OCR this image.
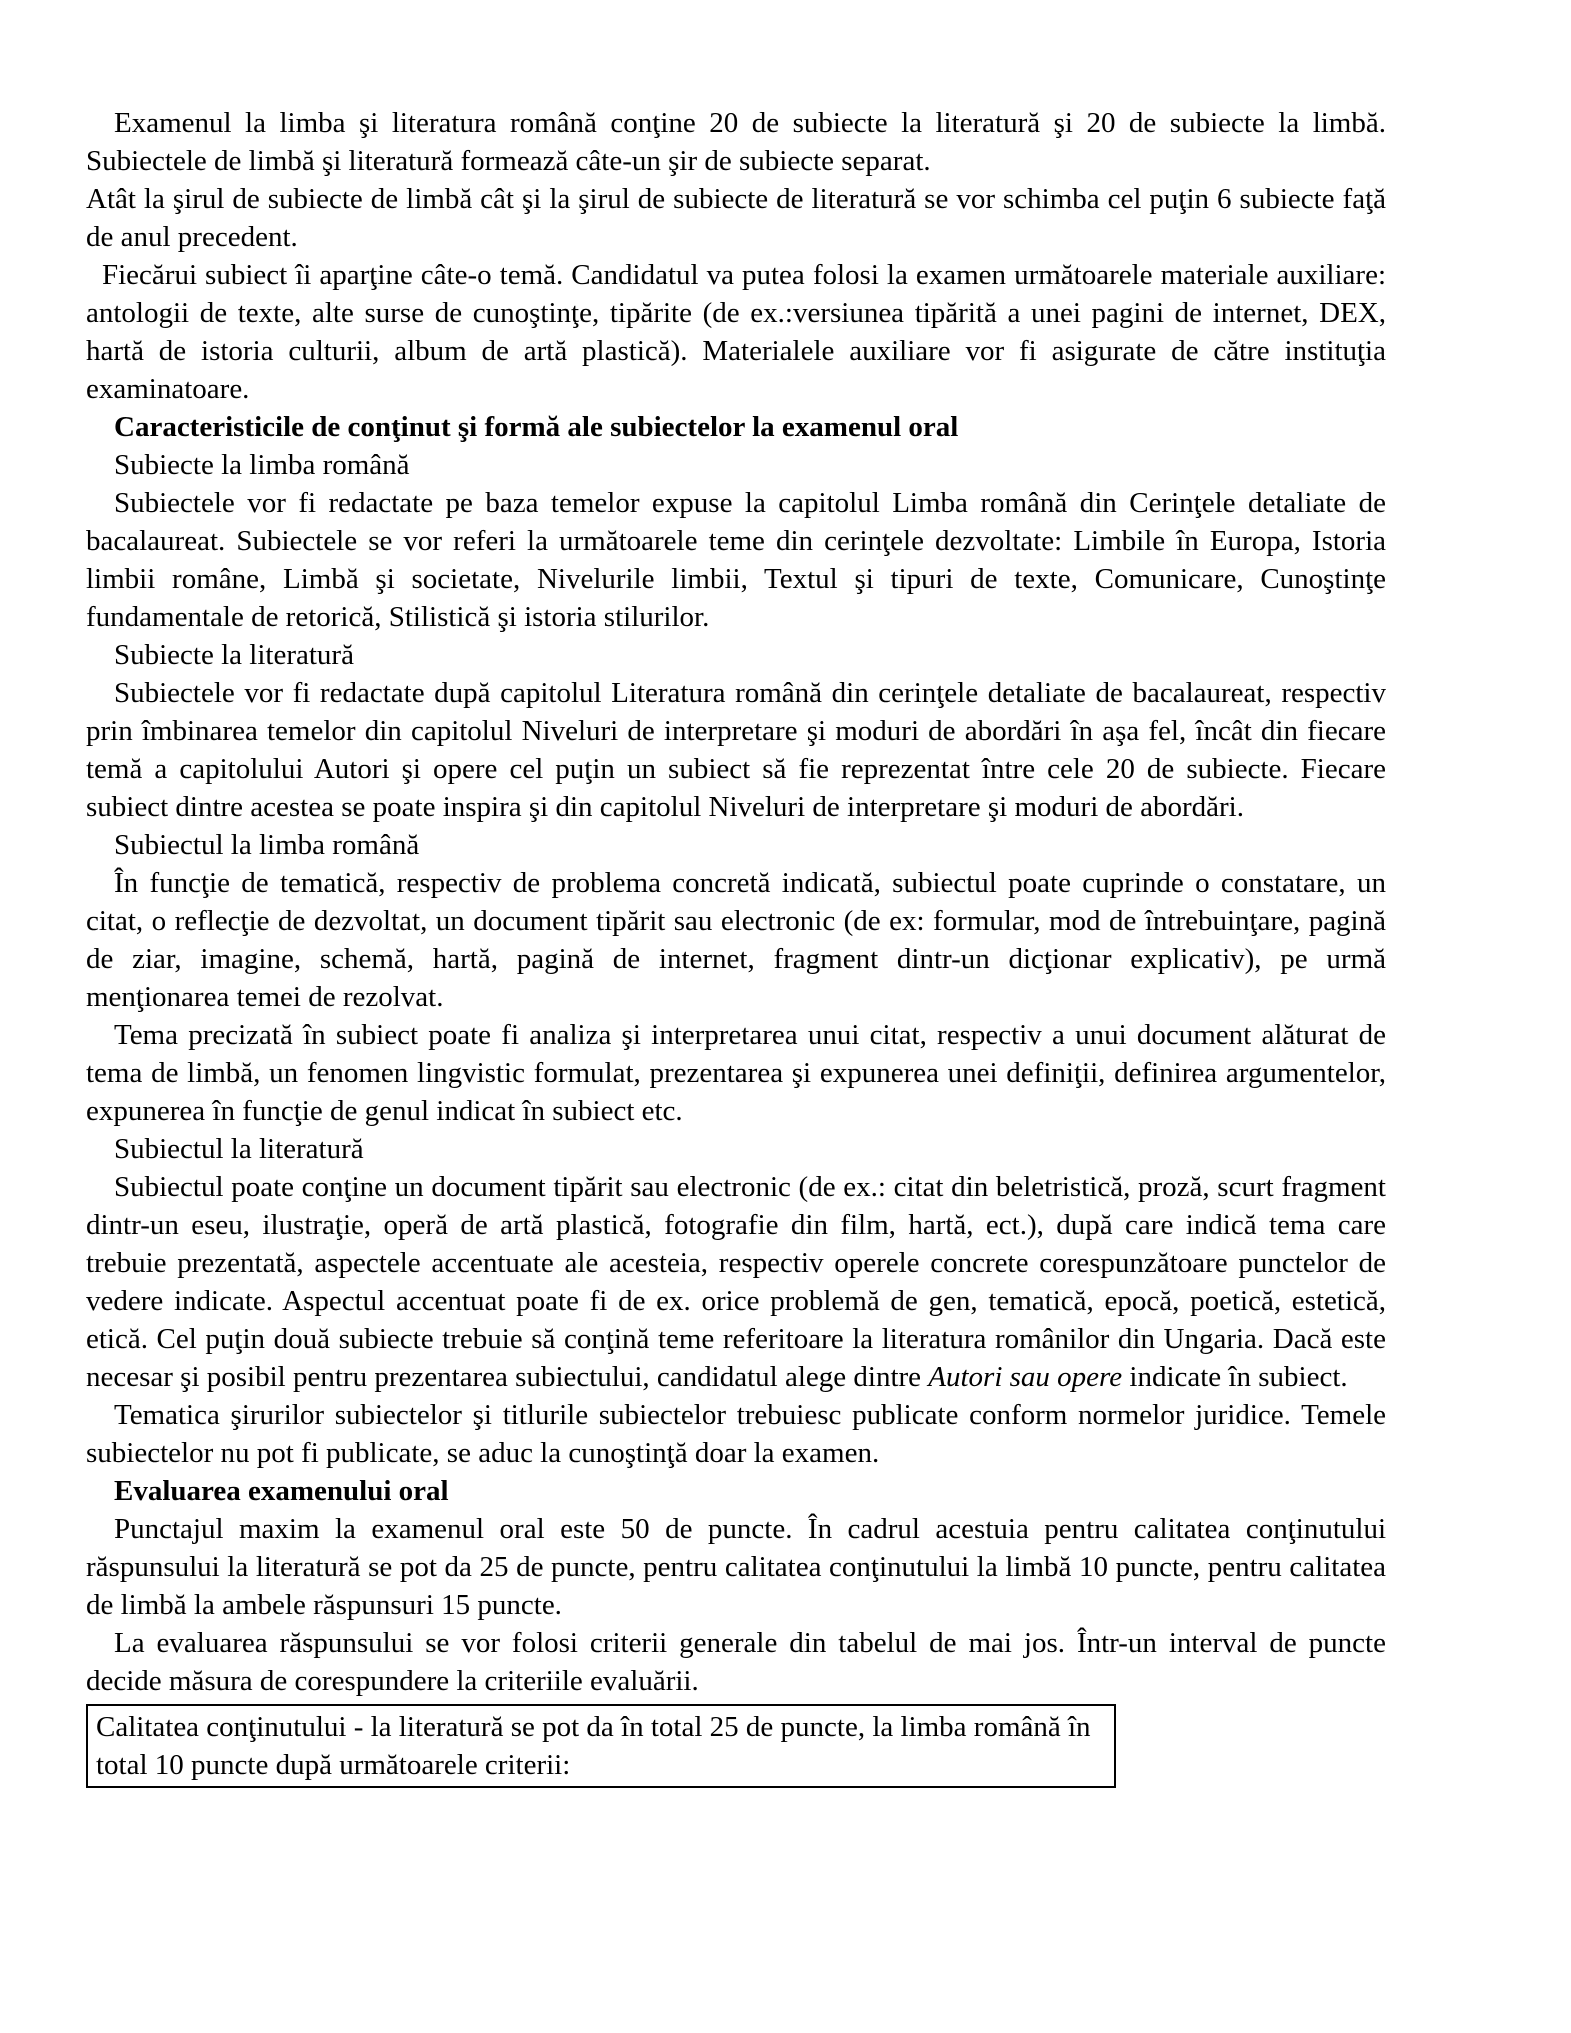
Examenul la limba şi literatura română conţine 20 de subiecte la literatură şi 20 de subiecte la limbă. Subiectele de limbă şi literatură formează câte-un şir de subiecte separat.

Atât la şirul de subiecte de limbă cât şi la şirul de subiecte de literatură se vor schimba cel puţin 6 subiecte faţă de anul precedent.

Fiecărui subiect îi aparţine câte-o temă. Candidatul va putea folosi la examen următoarele materiale auxiliare: antologii de texte, alte surse de cunoştinţe, tipărite (de ex.:versiunea tipărită a unei pagini de internet, DEX, hartă de istoria culturii, album de artă plastică). Materialele auxiliare vor fi asigurate de către instituţia examinatoare.

Caracteristicile de conţinut şi formă ale subiectelor la examenul oral

Subiecte la limba română

Subiectele vor fi redactate pe baza temelor expuse la capitolul Limba română din Cerinţele detaliate de bacalaureat. Subiectele se vor referi la următoarele teme din cerinţele dezvoltate: Limbile în Europa, Istoria limbii române, Limbă şi societate, Nivelurile limbii, Textul şi tipuri de texte, Comunicare, Cunoştinţe fundamentale de retorică, Stilistică şi istoria stilurilor.

Subiecte la literatură

Subiectele vor fi redactate după capitolul Literatura română din cerinţele detaliate de bacalaureat, respectiv prin îmbinarea temelor din capitolul Niveluri de interpretare şi moduri de abordări în aşa fel, încât din fiecare temă a capitolului Autori şi opere cel puţin un subiect să fie reprezentat între cele 20 de subiecte. Fiecare subiect dintre acestea se poate inspira şi din capitolul Niveluri de interpretare şi moduri de abordări.

Subiectul la limba română

În funcţie de tematică, respectiv de problema concretă indicată, subiectul poate cuprinde o constatare, un citat, o reflecţie de dezvoltat, un document tipărit sau electronic (de ex: formular, mod de întrebuinţare, pagină de ziar, imagine, schemă, hartă, pagină de internet, fragment dintr-un dicţionar explicativ), pe urmă menţionarea temei de rezolvat.

Tema precizată în subiect poate fi analiza şi interpretarea unui citat, respectiv a unui document alăturat de tema de limbă, un fenomen lingvistic formulat, prezentarea şi expunerea unei definiţii, definirea argumentelor, expunerea în funcţie de genul indicat în subiect etc.

Subiectul la literatură

Subiectul poate conţine un document tipărit sau electronic (de ex.: citat din beletristică, proză, scurt fragment dintr-un eseu, ilustraţie, operă de artă plastică, fotografie din film, hartă, ect.), după care indică tema care trebuie prezentată, aspectele accentuate ale acesteia, respectiv operele concrete corespunzătoare punctelor de vedere indicate. Aspectul accentuat poate fi de ex. orice problemă de gen, tematică, epocă, poetică, estetică, etică. Cel puţin două subiecte trebuie să conţină teme referitoare la literatura românilor din Ungaria. Dacă este necesar şi posibil pentru prezentarea subiectului, candidatul alege dintre Autori sau opere indicate în subiect.

Tematica şirurilor subiectelor şi titlurile subiectelor trebuiesc publicate conform normelor juridice. Temele subiectelor nu pot fi publicate, se aduc la cunoştinţă doar la examen.

Evaluarea examenului oral

Punctajul maxim la examenul oral este 50 de puncte. În cadrul acestuia pentru calitatea conţinutului răspunsului la literatură se pot da 25 de puncte, pentru calitatea conţinutului la limbă 10 puncte, pentru calitatea de limbă la ambele răspunsuri 15 puncte.

La evaluarea răspunsului se vor folosi criterii generale din tabelul de mai jos. Într-un interval de puncte decide măsura de corespundere la criteriile evaluării.

Calitatea conţinutului - la literatură se pot da în total 25 de puncte, la limba română în total 10 puncte după următoarele criterii:
